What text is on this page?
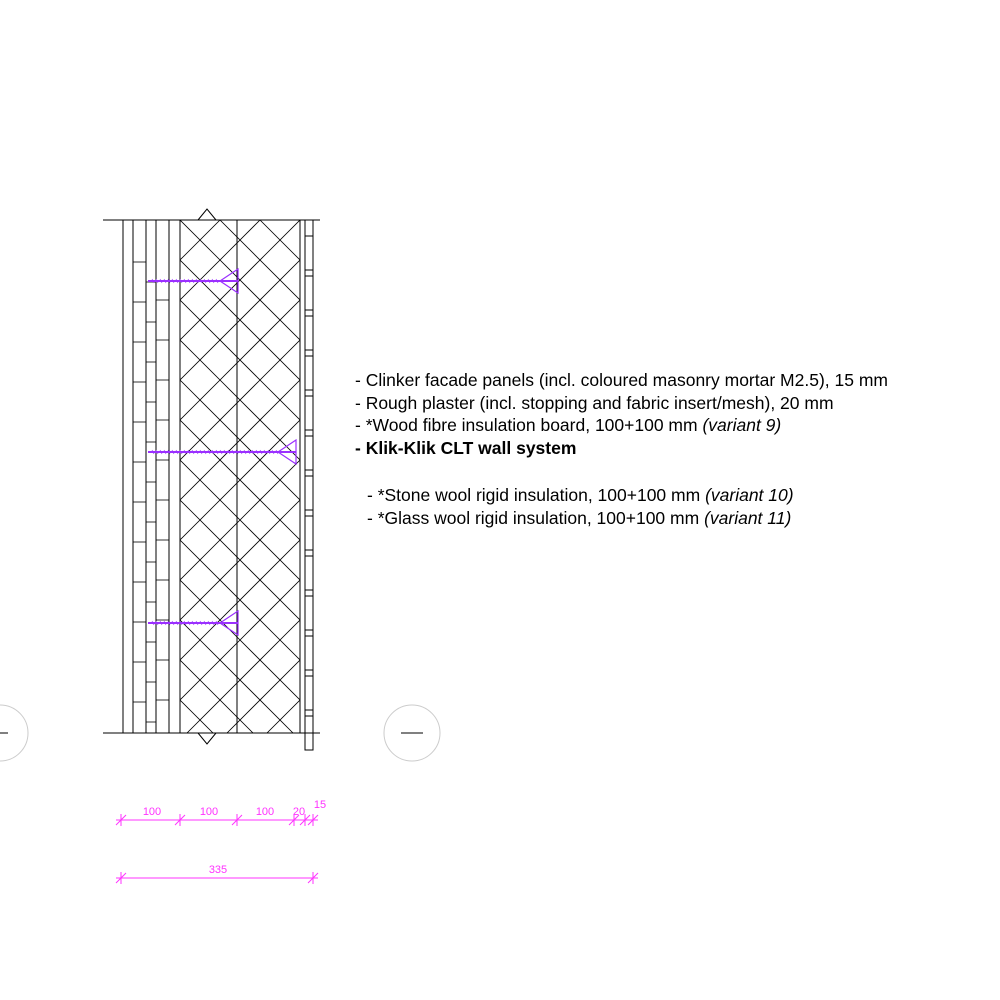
100	100	100 20
15
335
- Clinker facade panels (incl. coloured masonry mortar M2.5), 15 mm
- Rough plaster (incl. stopping and fabric insert/mesh), 20 mm
- *Wood fibre insulation board, 100+100 mm (variant 9)
- Klik-Klik CLT wall system
- *Stone wool rigid insulation, 100+100 mm (variant 10)
- *Glass wool rigid insulation, 100+100 mm (variant 11)
